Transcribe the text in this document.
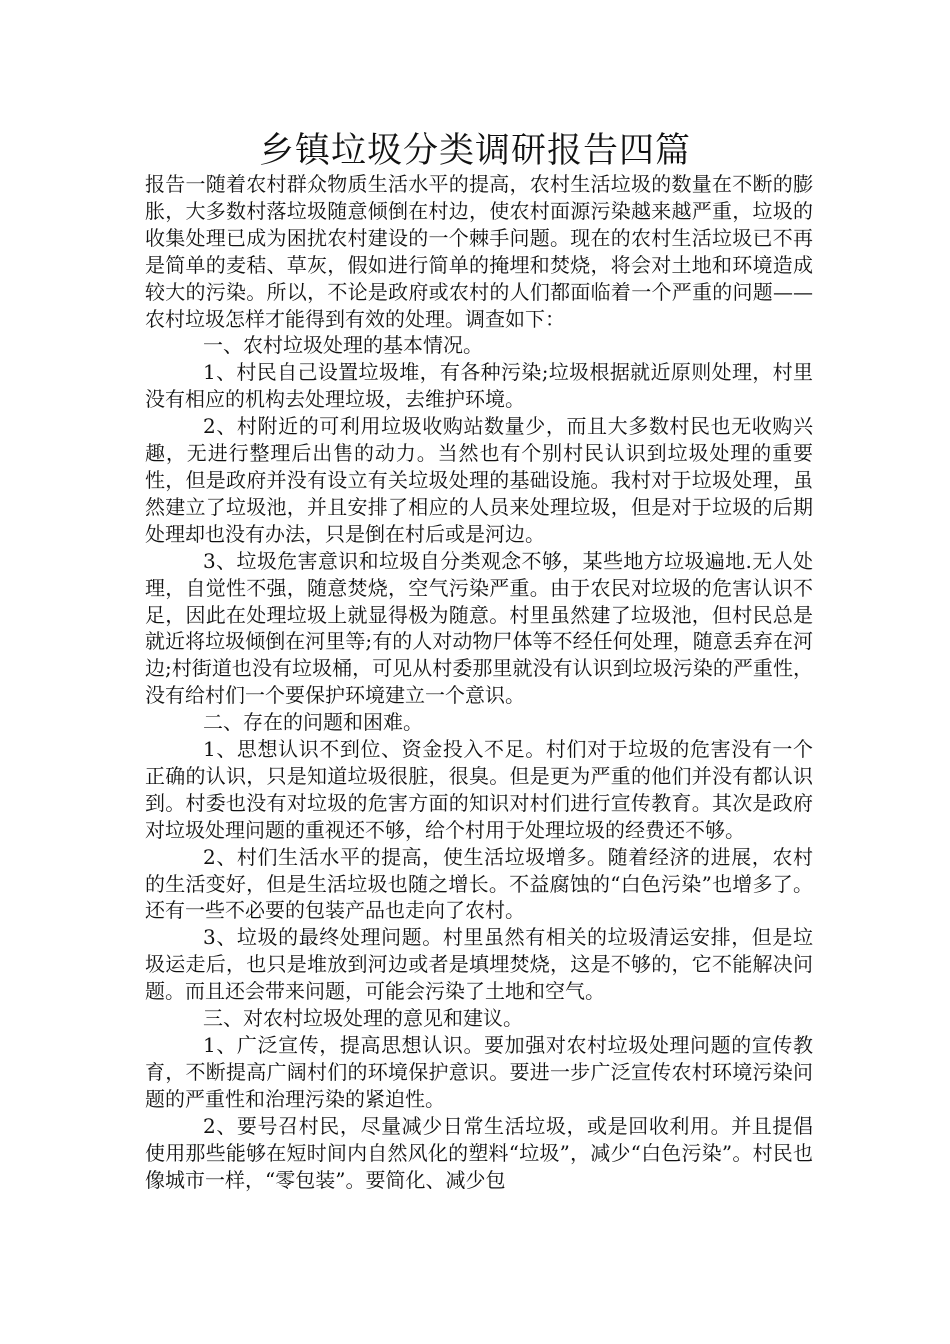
乡镇垃圾分类调研报告四篇

报告一随着农村群众物质生活水平的提高，农村生活垃圾的数量在不断的膨胀，大多数村落垃圾随意倾倒在村边，使农村面源污染越来越严重，垃圾的收集处理已成为困扰农村建设的一个棘手问题。现在的农村生活垃圾已不再是简单的麦秸、草灰，假如进行简单的掩埋和焚烧，将会对土地和环境造成较大的污染。所以，不论是政府或农村的人们都面临着一个严重的问题——农村垃圾怎样才能得到有效的处理。调查如下：

一、农村垃圾处理的基本情况。

1、村民自己设置垃圾堆，有各种污染;垃圾根据就近原则处理，村里没有相应的机构去处理垃圾，去维护环境。

2、村附近的可利用垃圾收购站数量少，而且大多数村民也无收购兴趣，无进行整理后出售的动力。当然也有个别村民认识到垃圾处理的重要性，但是政府并没有设立有关垃圾处理的基础设施。我村对于垃圾处理，虽然建立了垃圾池，并且安排了相应的人员来处理垃圾，但是对于垃圾的后期处理却也没有办法，只是倒在村后或是河边。

3、垃圾危害意识和垃圾自分类观念不够，某些地方垃圾遍地.无人处理，自觉性不强，随意焚烧，空气污染严重。由于农民对垃圾的危害认识不足，因此在处理垃圾上就显得极为随意。村里虽然建了垃圾池，但村民总是就近将垃圾倾倒在河里等;有的人对动物尸体等不经任何处理，随意丢弃在河边;村街道也没有垃圾桶，可见从村委那里就没有认识到垃圾污染的严重性，没有给村们一个要保护环境建立一个意识。

二、存在的问题和困难。

1、思想认识不到位、资金投入不足。村们对于垃圾的危害没有一个正确的认识，只是知道垃圾很脏，很臭。但是更为严重的他们并没有都认识到。村委也没有对垃圾的危害方面的知识对村们进行宣传教育。其次是政府对垃圾处理问题的重视还不够，给个村用于处理垃圾的经费还不够。

2、村们生活水平的提高，使生活垃圾增多。随着经济的进展，农村的生活变好，但是生活垃圾也随之增长。不益腐蚀的“白色污染”也增多了。还有一些不必要的包装产品也走向了农村。

3、垃圾的最终处理问题。村里虽然有相关的垃圾清运安排，但是垃圾运走后，也只是堆放到河边或者是填埋焚烧，这是不够的，它不能解决问题。而且还会带来问题，可能会污染了土地和空气。

三、对农村垃圾处理的意见和建议。

1、广泛宣传，提高思想认识。要加强对农村垃圾处理问题的宣传教育，不断提高广阔村们的环境保护意识。要进一步广泛宣传农村环境污染问题的严重性和治理污染的紧迫性。

2、要号召村民，尽量减少日常生活垃圾，或是回收利用。并且提倡使用那些能够在短时间内自然风化的塑料“垃圾”，减少“白色污染”。村民也像城市一样，“零包装”。要简化、减少包
